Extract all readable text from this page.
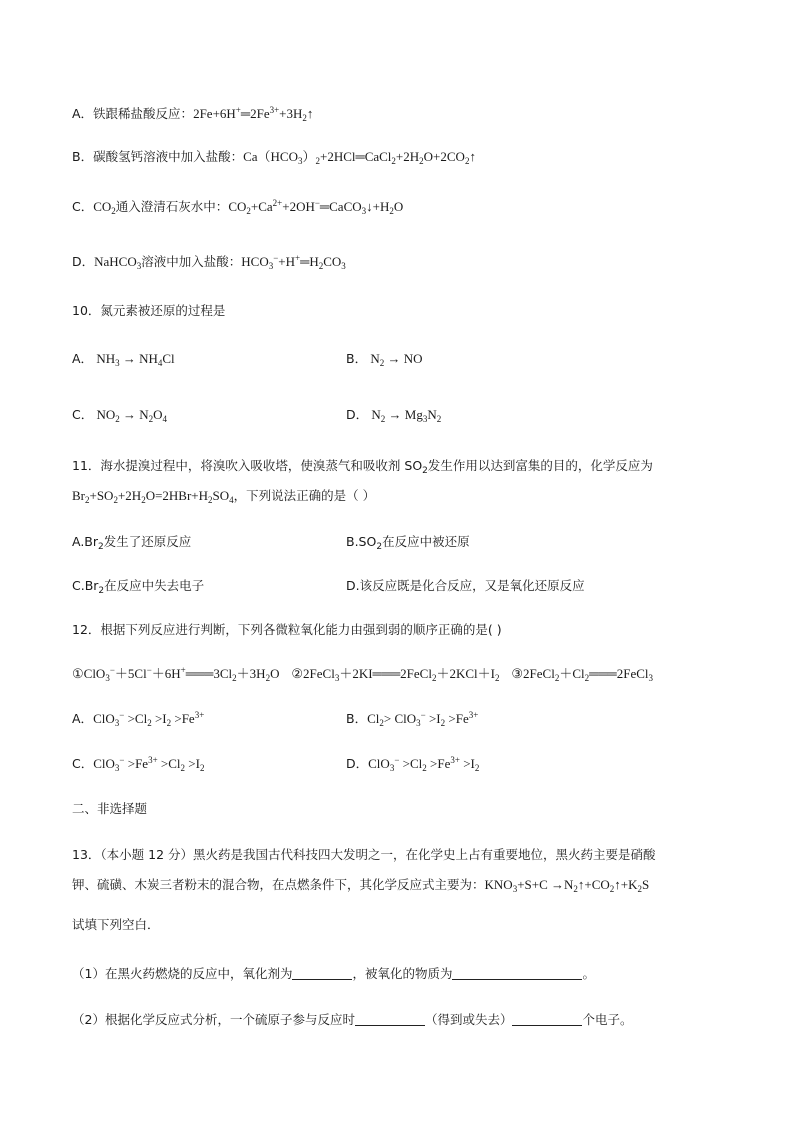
A．铁跟稀盐酸反应：$2Fe+6H^+═2Fe^{3+}+3H_2↑$
B．碳酸氢钙溶液中加入盐酸：$Ca(HCO_3)_2+2HCl═CaCl_2+2H_2O+2CO_2↑$
C．$CO_2$通入澄清石灰水中：$CO_2+Ca^{2+}+2OH^-═CaCO_3↓+H_2O$
D．NaHCO$_3$溶液中加入盐酸：$HCO_3^-+H^+═H_2CO_3$
10．氮元素被还原的过程是
A． $NH_3 \to NH_4Cl$	B． $N_2$ → NO
C． $NO_2 \to N_2O_4$	D． $N_2 \to Mg_3N_2$
11．海水提溴过程中，将溴吹入吸收塔，使溴蒸气和吸收剂 $SO_2$发生作用以达到富集的目的，化学反应为
$Br_2+SO_2+2H_2O=2HBr+H_2SO_4$，下列说法正确的是（ ）
$A.Br_2$发生了还原反应	$B.SO_2$在反应中被还原
$C.Br_2$在反应中失去电子	D.该反应既是化合反应，又是氧化还原反应
12．根据下列反应进行判断，下列各微粒氧化能力由强到弱的顺序正确的是( )
$①ClO_3^-+5Cl^-+6H^+═══3Cl_2+3H_2O$ $②2FeCl_3+2KI═══2FeCl_2+2KCl+I_2$ $③2FeCl_2+Cl_2═══2FeCl_3$
A．$ClO_3^- >Cl_2 >I_2 >Fe^{3+}$	B．$Cl_2> ClO_3^- >I_2 >Fe^{3+}$
C．$ClO_3^- >Fe^{3+} >Cl_2 >I_2$	D．$ClO_3^- >Cl_2 >Fe^{3+} >I_2$
二、非选择题
13．（本小题 12 分）黑火药是我国古代科技四大发明之一，在化学史上占有重要地位，黑火药主要是硝酸
钾、硫磺、木炭三者粉末的混合物，在点燃条件下，其化学反应式主要为：$KNO_3+S+C$ $\to N_2↑+CO_2↑+K_2S$
试填下列空白．
（1）在黑火药燃烧的反应中，氧化剂为	，被氧化的物质为	。
（2）根据化学反应式分析，一个硫原子参与反应时	（得到或失去）	个电子。
